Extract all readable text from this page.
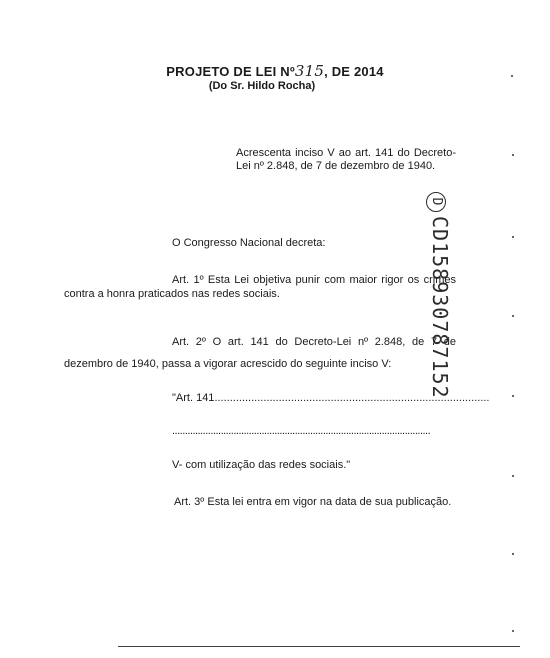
PROJETO DE LEI Nº315, DE 2014
(Do Sr. Hildo Rocha)
Acrescenta inciso V ao art. 141 do Decreto-Lei nº 2.848, de 7 de dezembro de 1940.
O Congresso Nacional decreta:
Art. 1º Esta Lei objetiva punir com maior rigor os crimes contra a honra praticados nas redes sociais.
Art. 2º O art. 141 do Decreto-Lei nº 2.848, de 7 de dezembro de 1940, passa a vigorar acrescido do seguinte inciso V:
"Art. 141..........................................................................................
.....................................................................................................
V- com utilização das redes sociais."
Art. 3º Esta lei entra em vigor na data de sua publicação.
DCD158930787152
